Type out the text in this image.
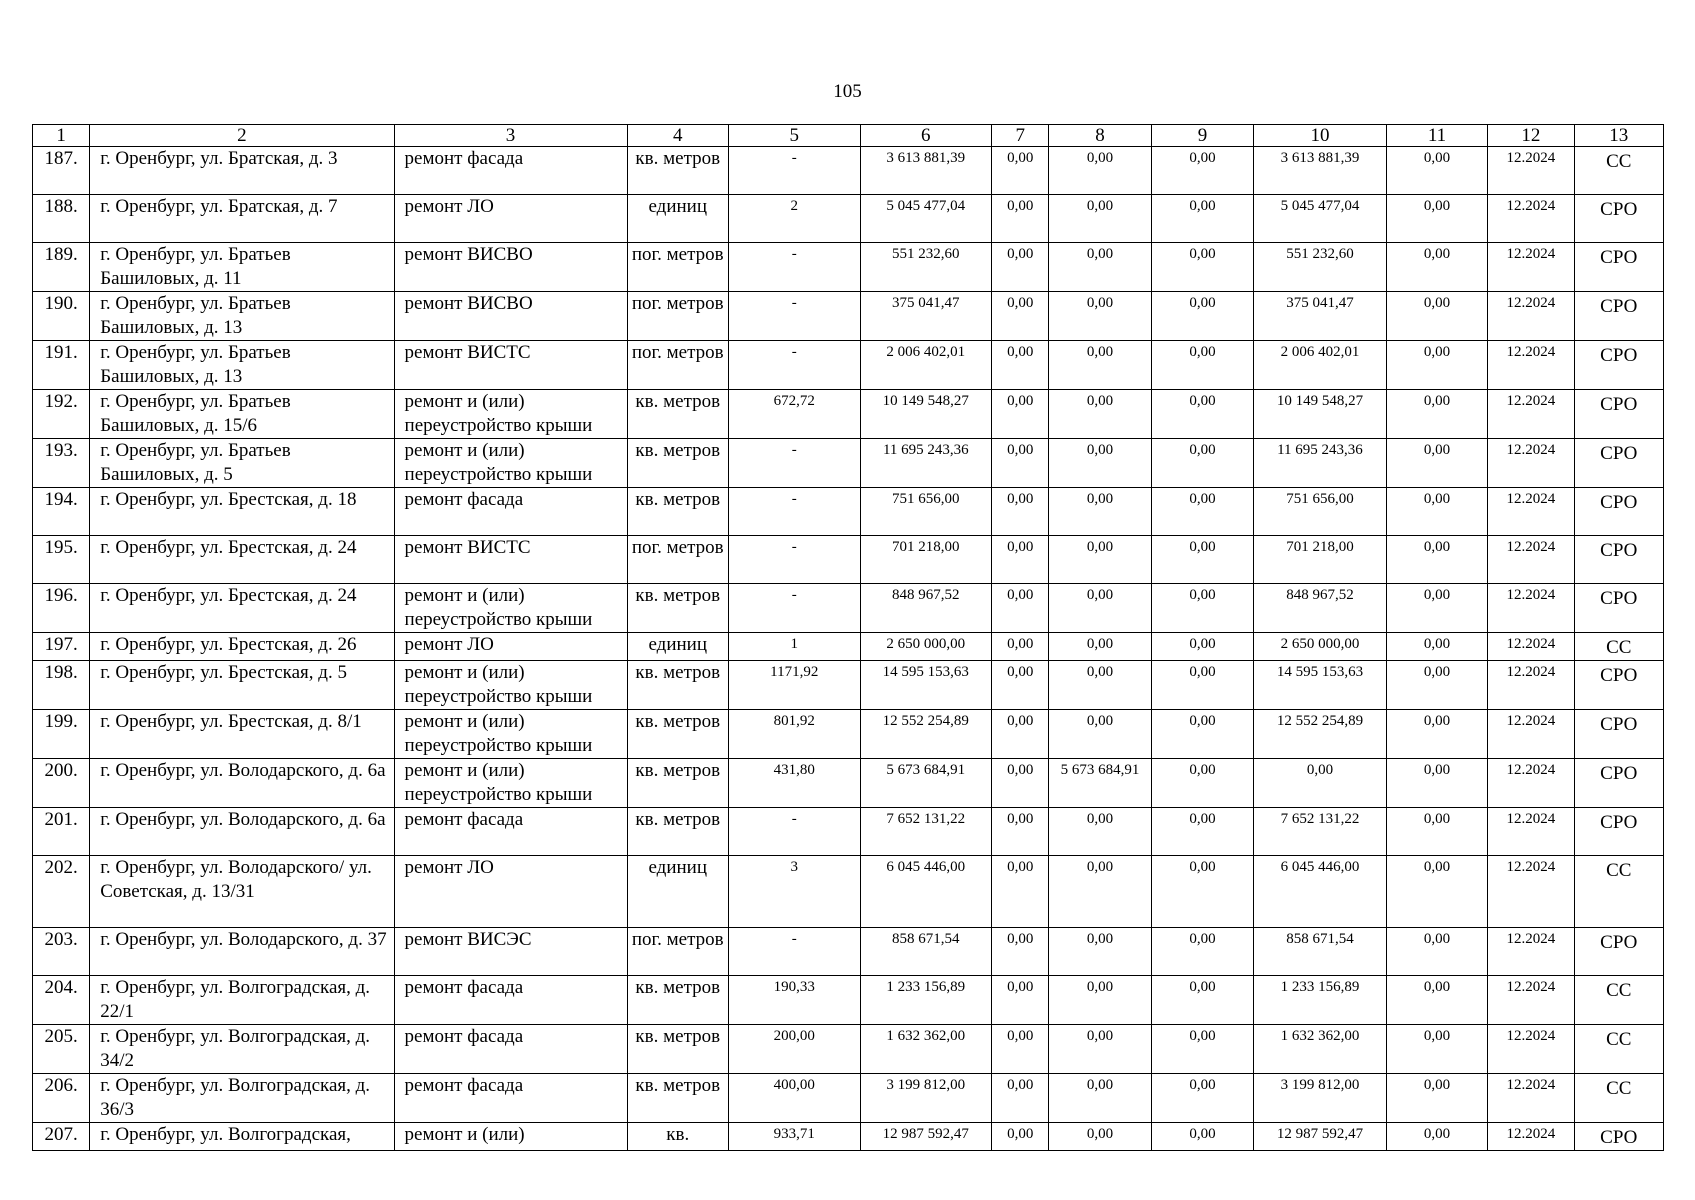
105
1	2	3	4	5	6	7	8	9	10	11	12	13
187.	г. Оренбург, ул. Братская, д. 3	ремонт фасада	кв. метров	-	3 613 881,39	0,00	0,00	0,00	3 613 881,39	0,00	12.2024	СС
188.	г. Оренбург, ул. Братская, д. 7	ремонт ЛО	единиц	2	5 045 477,04	0,00	0,00	0,00	5 045 477,04	0,00	12.2024	СРО
189.	г. Оренбург, ул. Братьев Башиловых, д. 11	ремонт ВИСВО	пог. метров	-	551 232,60	0,00	0,00	0,00	551 232,60	0,00	12.2024	СРО
190.	г. Оренбург, ул. Братьев Башиловых, д. 13	ремонт ВИСВО	пог. метров	-	375 041,47	0,00	0,00	0,00	375 041,47	0,00	12.2024	СРО
191.	г. Оренбург, ул. Братьев Башиловых, д. 13	ремонт ВИСТС	пог. метров	-	2 006 402,01	0,00	0,00	0,00	2 006 402,01	0,00	12.2024	СРО
192.	г. Оренбург, ул. Братьев Башиловых, д. 15/6	ремонт и (или) переустройство крыши	кв. метров	672,72	10 149 548,27	0,00	0,00	0,00	10 149 548,27	0,00	12.2024	СРО
193.	г. Оренбург, ул. Братьев Башиловых, д. 5	ремонт и (или) переустройство крыши	кв. метров	-	11 695 243,36	0,00	0,00	0,00	11 695 243,36	0,00	12.2024	СРО
194.	г. Оренбург, ул. Брестская, д. 18	ремонт фасада	кв. метров	-	751 656,00	0,00	0,00	0,00	751 656,00	0,00	12.2024	СРО
195.	г. Оренбург, ул. Брестская, д. 24	ремонт ВИСТС	пог. метров	-	701 218,00	0,00	0,00	0,00	701 218,00	0,00	12.2024	СРО
196.	г. Оренбург, ул. Брестская, д. 24	ремонт и (или) переустройство крыши	кв. метров	-	848 967,52	0,00	0,00	0,00	848 967,52	0,00	12.2024	СРО
197.	г. Оренбург, ул. Брестская, д. 26	ремонт ЛО	единиц	1	2 650 000,00	0,00	0,00	0,00	2 650 000,00	0,00	12.2024	СС
198.	г. Оренбург, ул. Брестская, д. 5	ремонт и (или) переустройство крыши	кв. метров	1171,92	14 595 153,63	0,00	0,00	0,00	14 595 153,63	0,00	12.2024	СРО
199.	г. Оренбург, ул. Брестская, д. 8/1	ремонт и (или) переустройство крыши	кв. метров	801,92	12 552 254,89	0,00	0,00	0,00	12 552 254,89	0,00	12.2024	СРО
200.	г. Оренбург, ул. Володарского, д. 6а	ремонт и (или) переустройство крыши	кв. метров	431,80	5 673 684,91	0,00	5 673 684,91	0,00	0,00	0,00	12.2024	СРО
201.	г. Оренбург, ул. Володарского, д. 6а	ремонт фасада	кв. метров	-	7 652 131,22	0,00	0,00	0,00	7 652 131,22	0,00	12.2024	СРО
202.	г. Оренбург, ул. Володарского/ ул. Советская, д. 13/31	ремонт ЛО	единиц	3	6 045 446,00	0,00	0,00	0,00	6 045 446,00	0,00	12.2024	СС
203.	г. Оренбург, ул. Володарского, д. 37	ремонт ВИСЭС	пог. метров	-	858 671,54	0,00	0,00	0,00	858 671,54	0,00	12.2024	СРО
204.	г. Оренбург, ул. Волгоградская, д. 22/1	ремонт фасада	кв. метров	190,33	1 233 156,89	0,00	0,00	0,00	1 233 156,89	0,00	12.2024	СС
205.	г. Оренбург, ул. Волгоградская, д. 34/2	ремонт фасада	кв. метров	200,00	1 632 362,00	0,00	0,00	0,00	1 632 362,00	0,00	12.2024	СС
206.	г. Оренбург, ул. Волгоградская, д. 36/3	ремонт фасада	кв. метров	400,00	3 199 812,00	0,00	0,00	0,00	3 199 812,00	0,00	12.2024	СС
207.	г. Оренбург, ул. Волгоградская,	ремонт и (или)	кв.	933,71	12 987 592,47	0,00	0,00	0,00	12 987 592,47	0,00	12.2024	СРО
